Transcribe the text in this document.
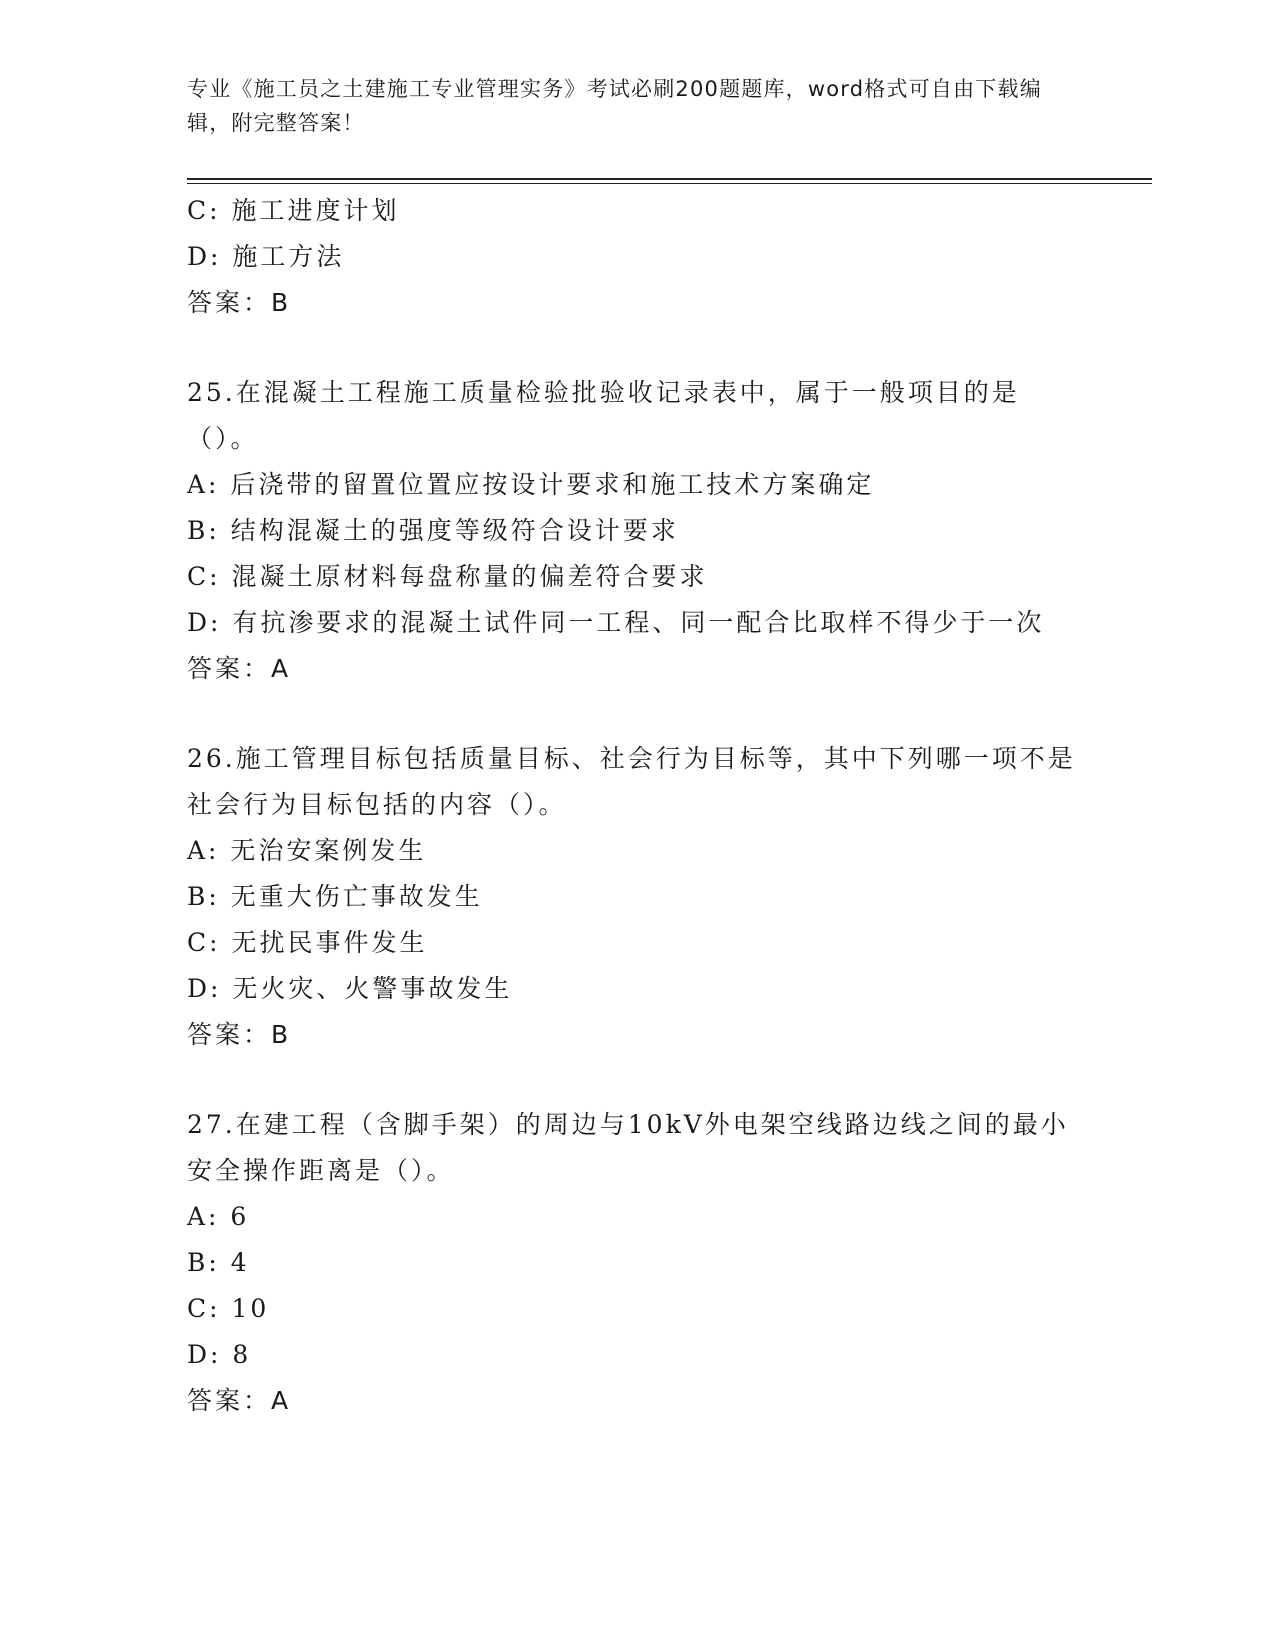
专业《施工员之土建施工专业管理实务》考试必刷200题题库，word格式可自由下载编辑，附完整答案！
C: 施工进度计划
D: 施工方法
答案：B
25.在混凝土工程施工质量检验批验收记录表中，属于一般项目的是（）。
A: 后浇带的留置位置应按设计要求和施工技术方案确定
B: 结构混凝土的强度等级符合设计要求
C: 混凝土原材料每盘称量的偏差符合要求
D: 有抗渗要求的混凝土试件同一工程、同一配合比取样不得少于一次
答案：A
26.施工管理目标包括质量目标、社会行为目标等，其中下列哪一项不是社会行为目标包括的内容（）。
A: 无治安案例发生
B: 无重大伤亡事故发生
C: 无扰民事件发生
D: 无火灾、火警事故发生
答案：B
27.在建工程（含脚手架）的周边与10kV外电架空线路边线之间的最小安全操作距离是（）。
A: 6
B: 4
C: 10
D: 8
答案：A
